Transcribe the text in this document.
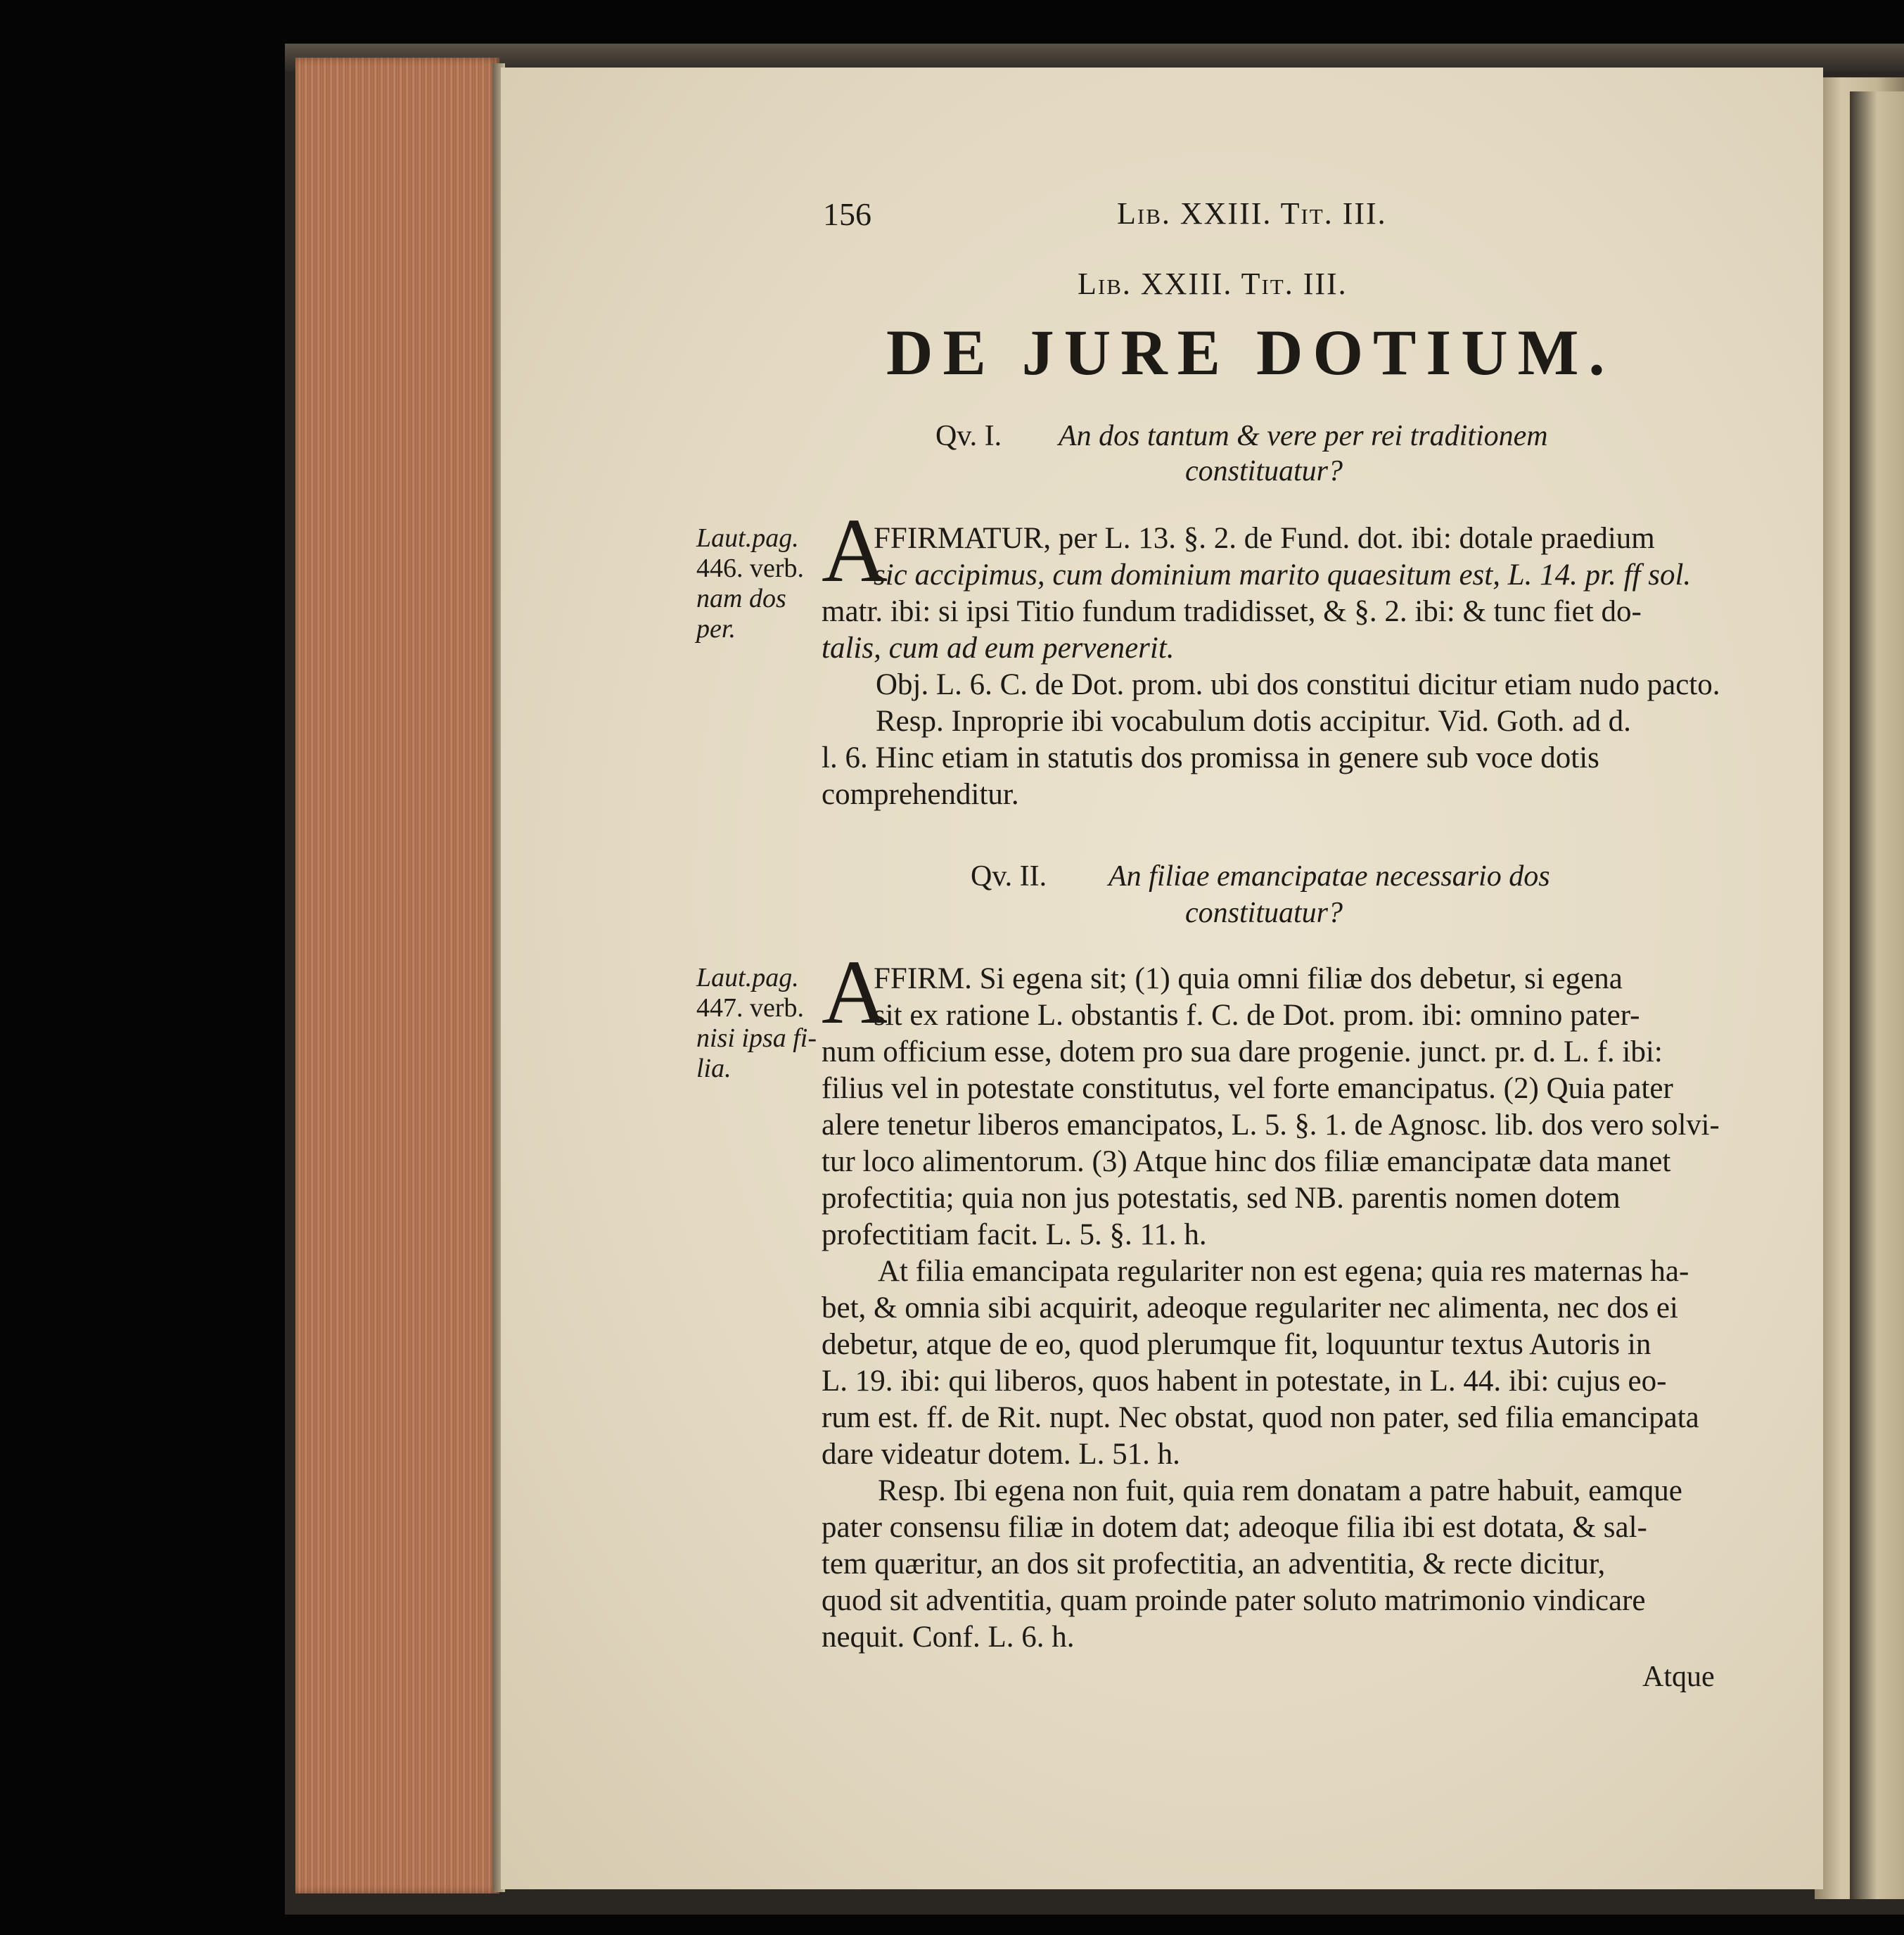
156	Lib. XXIII. Tit. III.
Lib. XXIII. Tit. III.
DE JURE DOTIUM.
Qv. I. An dos tantum & vere per rei traditionem
constituatur?
Laut.pag.
446. verb.
nam dos
per.
A
FFIRMATUR, per L. 13. §. 2. de Fund. dot. ibi: dotale praedium
sic accipimus, cum dominium marito quaesitum est, L. 14. pr. ff sol.
matr. ibi: si ipsi Titio fundum tradidisset, & §. 2. ibi: & tunc fiet do-
talis, cum ad eum pervenerit.
Obj. L. 6. C. de Dot. prom. ubi dos constitui dicitur etiam nudo pacto.
Resp. Inproprie ibi vocabulum dotis accipitur. Vid. Goth. ad d.
l. 6. Hinc etiam in statutis dos promissa in genere sub voce dotis
comprehenditur.
Qv. II. An filiae emancipatae necessario dos
constituatur?
Laut.pag.
447. verb.
nisi ipsa fi-
lia.
A
FFIRM. Si egena sit; (1) quia omni filiæ dos debetur, si egena
sit ex ratione L. obstantis f. C. de Dot. prom. ibi: omnino pater-
num officium esse, dotem pro sua dare progenie. junct. pr. d. L. f. ibi:
filius vel in potestate constitutus, vel forte emancipatus. (2) Quia pater
alere tenetur liberos emancipatos, L. 5. §. 1. de Agnosc. lib. dos vero solvi-
tur loco alimentorum. (3) Atque hinc dos filiæ emancipatæ data manet
profectitia; quia non jus potestatis, sed NB. parentis nomen dotem
profectitiam facit. L. 5. §. 11. h.
At filia emancipata regulariter non est egena; quia res maternas ha-
bet, & omnia sibi acquirit, adeoque regulariter nec alimenta, nec dos ei
debetur, atque de eo, quod plerumque fit, loquuntur textus Autoris in
L. 19. ibi: qui liberos, quos habent in potestate, in L. 44. ibi: cujus eo-
rum est. ff. de Rit. nupt. Nec obstat, quod non pater, sed filia emancipata
dare videatur dotem. L. 51. h.
Resp. Ibi egena non fuit, quia rem donatam a patre habuit, eamque
pater consensu filiæ in dotem dat; adeoque filia ibi est dotata, & sal-
tem quæritur, an dos sit profectitia, an adventitia, & recte dicitur,
quod sit adventitia, quam proinde pater soluto matrimonio vindicare
nequit. Conf. L. 6. h.
Atque
